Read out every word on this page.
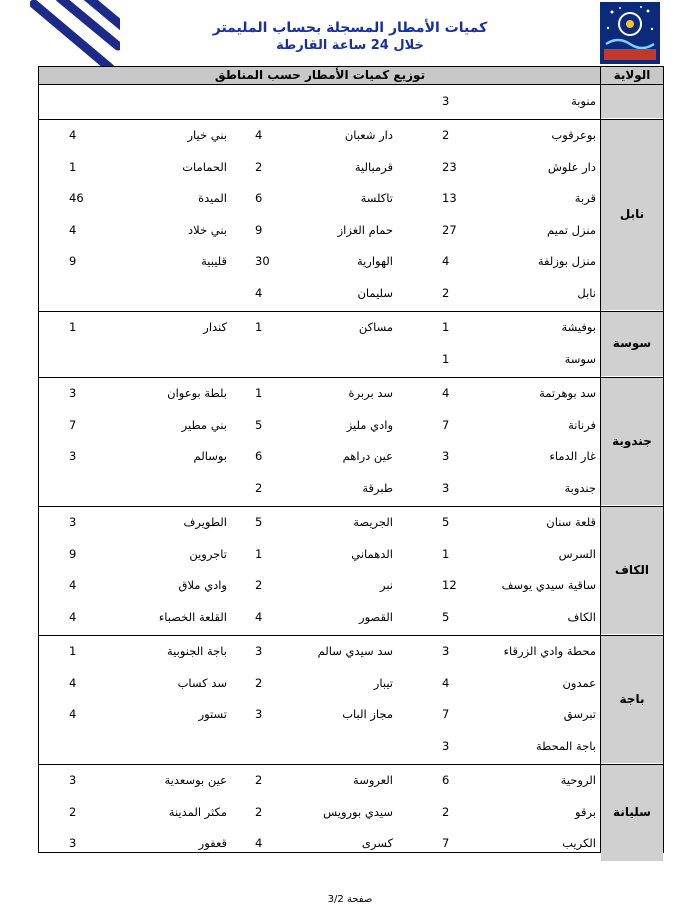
كميات الأمطار المسجلة بحساب المليمتر
خلال 24 ساعة القارطة
الولاية
توزيع كميات الأمطار حسب المناطق
منوبة
3
بوعرقوب
2
دار شعبان
4
بني خيار
4
دار علوش
23
قرمبالية
2
الحمامات
1
قربة
13
تاكلسة
6
الميدة
46
منزل تميم
27
حمام الغزاز
9
بني خلاد
4
منزل بوزلفة
4
الهوارية
30
قليبية
9
نابل
2
سليمان
4
نابل
بوفيشة
1
مساكن
1
كندار
1
سوسة
1
سوسة
سد بوهرتمة
4
سد بربرة
1
بلطة بوعوان
3
فرنانة
7
وادي مليز
5
بني مطير
7
غار الدماء
3
عين دراهم
6
بوسالم
3
جندوبة
3
طبرقة
2
جندوبة
قلعة سنان
5
الجريصة
5
الطويرف
3
السرس
1
الدهماني
1
تاجروين
9
ساقية سيدي يوسف
12
نبر
2
وادي ملاق
4
الكاف
5
القصور
4
القلعة الخصباء
4
الكاف
محطة وادي الزرقاء
3
سد سيدي سالم
3
باجة الجنوبية
1
عمدون
4
تيبار
2
سد كساب
4
تبرسق
7
مجاز الباب
3
تستور
4
باجة المحطة
3
باجة
الروحية
6
العروسة
2
عين بوسعدية
3
برقو
2
سيدي بورويس
2
مكثر المدينة
2
الكريب
7
كسرى
4
قعفور
3
سليانة
صفحة 3/2
